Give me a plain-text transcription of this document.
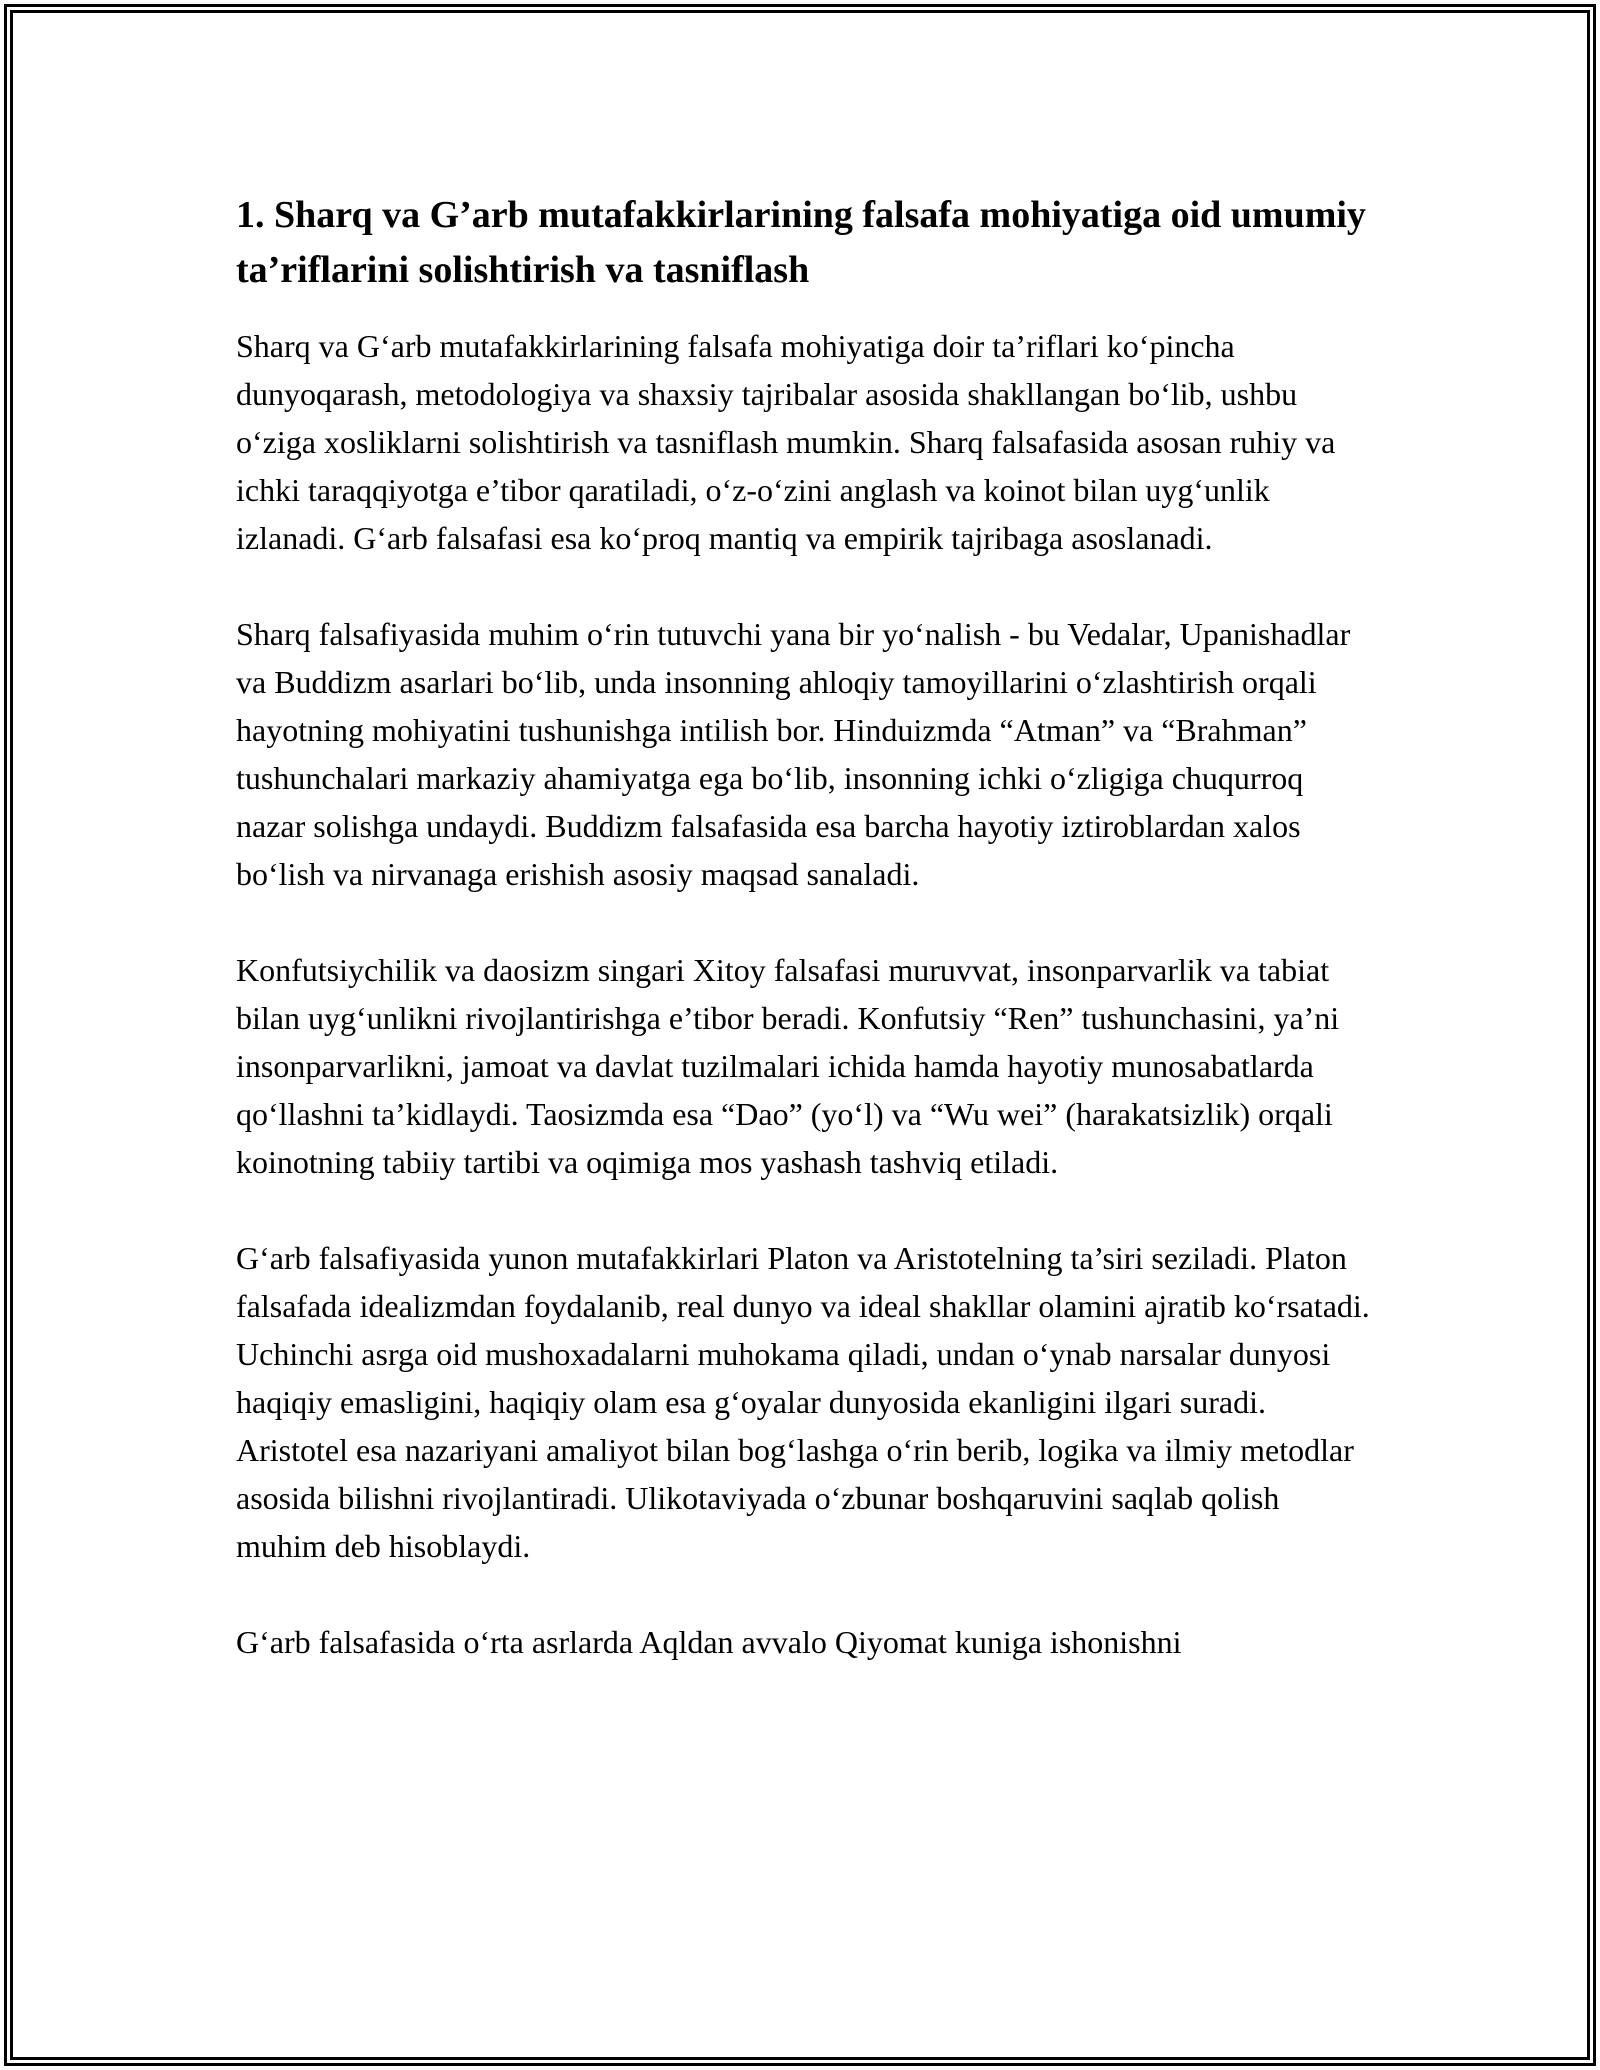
1. Sharq va G’arb mutafakkirlarining falsafa mohiyatiga oid umumiy ta’riflarini solishtirish va tasniflash

Sharq va G‘arb mutafakkirlarining falsafa mohiyatiga doir ta’riflari ko‘pincha dunyoqarash, metodologiya va shaxsiy tajribalar asosida shakllangan bo‘lib, ushbu o‘ziga xosliklarni solishtirish va tasniflash mumkin. Sharq falsafasida asosan ruhiy va ichki taraqqiyotga e’tibor qaratiladi, o‘z-o‘zini anglash va koinot bilan uyg‘unlik izlanadi. G‘arb falsafasi esa ko‘proq mantiq va empirik tajribaga asoslanadi.

Sharq falsafiyasida muhim o‘rin tutuvchi yana bir yo‘nalish - bu Vedalar, Upanishadlar va Buddizm asarlari bo‘lib, unda insonning ahloqiy tamoyillarini o‘zlashtirish orqali hayotning mohiyatini tushunishga intilish bor. Hinduizmda “Atman” va “Brahman” tushunchalari markaziy ahamiyatga ega bo‘lib, insonning ichki o‘zligiga chuqurroq nazar solishga undaydi. Buddizm falsafasida esa barcha hayotiy iztiroblardan xalos bo‘lish va nirvanaga erishish asosiy maqsad sanaladi.

Konfutsiychilik va daosizm singari Xitoy falsafasi muruvvat, insonparvarlik va tabiat bilan uyg‘unlikni rivojlantirishga e’tibor beradi. Konfutsiy “Ren” tushunchasini, ya’ni insonparvarlikni, jamoat va davlat tuzilmalari ichida hamda hayotiy munosabatlarda qo‘llashni ta’kidlaydi. Taosizmda esa “Dao” (yo‘l) va “Wu wei” (harakatsizlik) orqali koinotning tabiiy tartibi va oqimiga mos yashash tashviq etiladi.

G‘arb falsafiyasida yunon mutafakkirlari Platon va Aristotelning ta’siri seziladi. Platon falsafada idealizmdan foydalanib, real dunyo va ideal shakllar olamini ajratib ko‘rsatadi. Uchinchi asrga oid mushoxadalarni muhokama qiladi, undan o‘ynab narsalar dunyosi haqiqiy emasligini, haqiqiy olam esa g‘oyalar dunyosida ekanligini ilgari suradi. Aristotel esa nazariyani amaliyot bilan bog‘lashga o‘rin berib, logika va ilmiy metodlar asosida bilishni rivojlantiradi. Ulikotaviyada o‘zbunar boshqaruvini saqlab qolish muhim deb hisoblaydi.

G‘arb falsafasida o‘rta asrlarda Aqldan avvalo Qiyomat kuniga ishonishni
